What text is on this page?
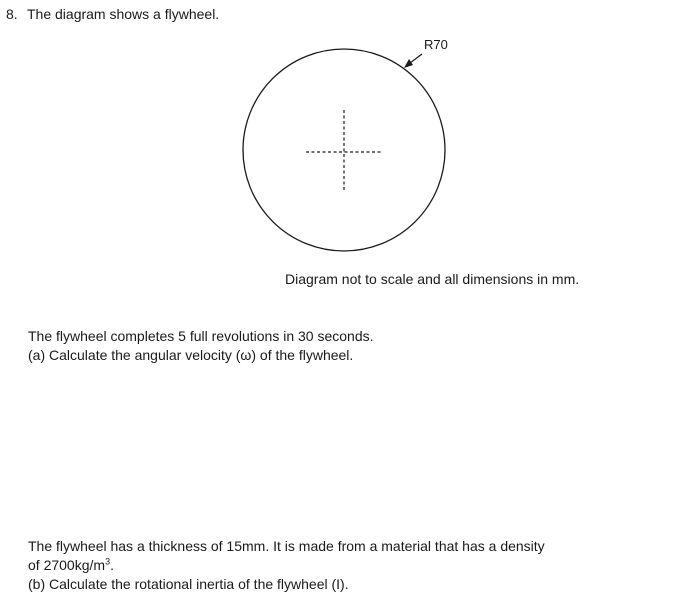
8. The diagram shows a flywheel.
R70
Diagram not to scale and all dimensions in mm.
The flywheel completes 5 full revolutions in 30 seconds.
(a) Calculate the angular velocity (ω) of the flywheel.
The flywheel has a thickness of 15mm. It is made from a material that has a density
of $2700kg/m^3$.
(b) Calculate the rotational inertia of the flywheel (I).
